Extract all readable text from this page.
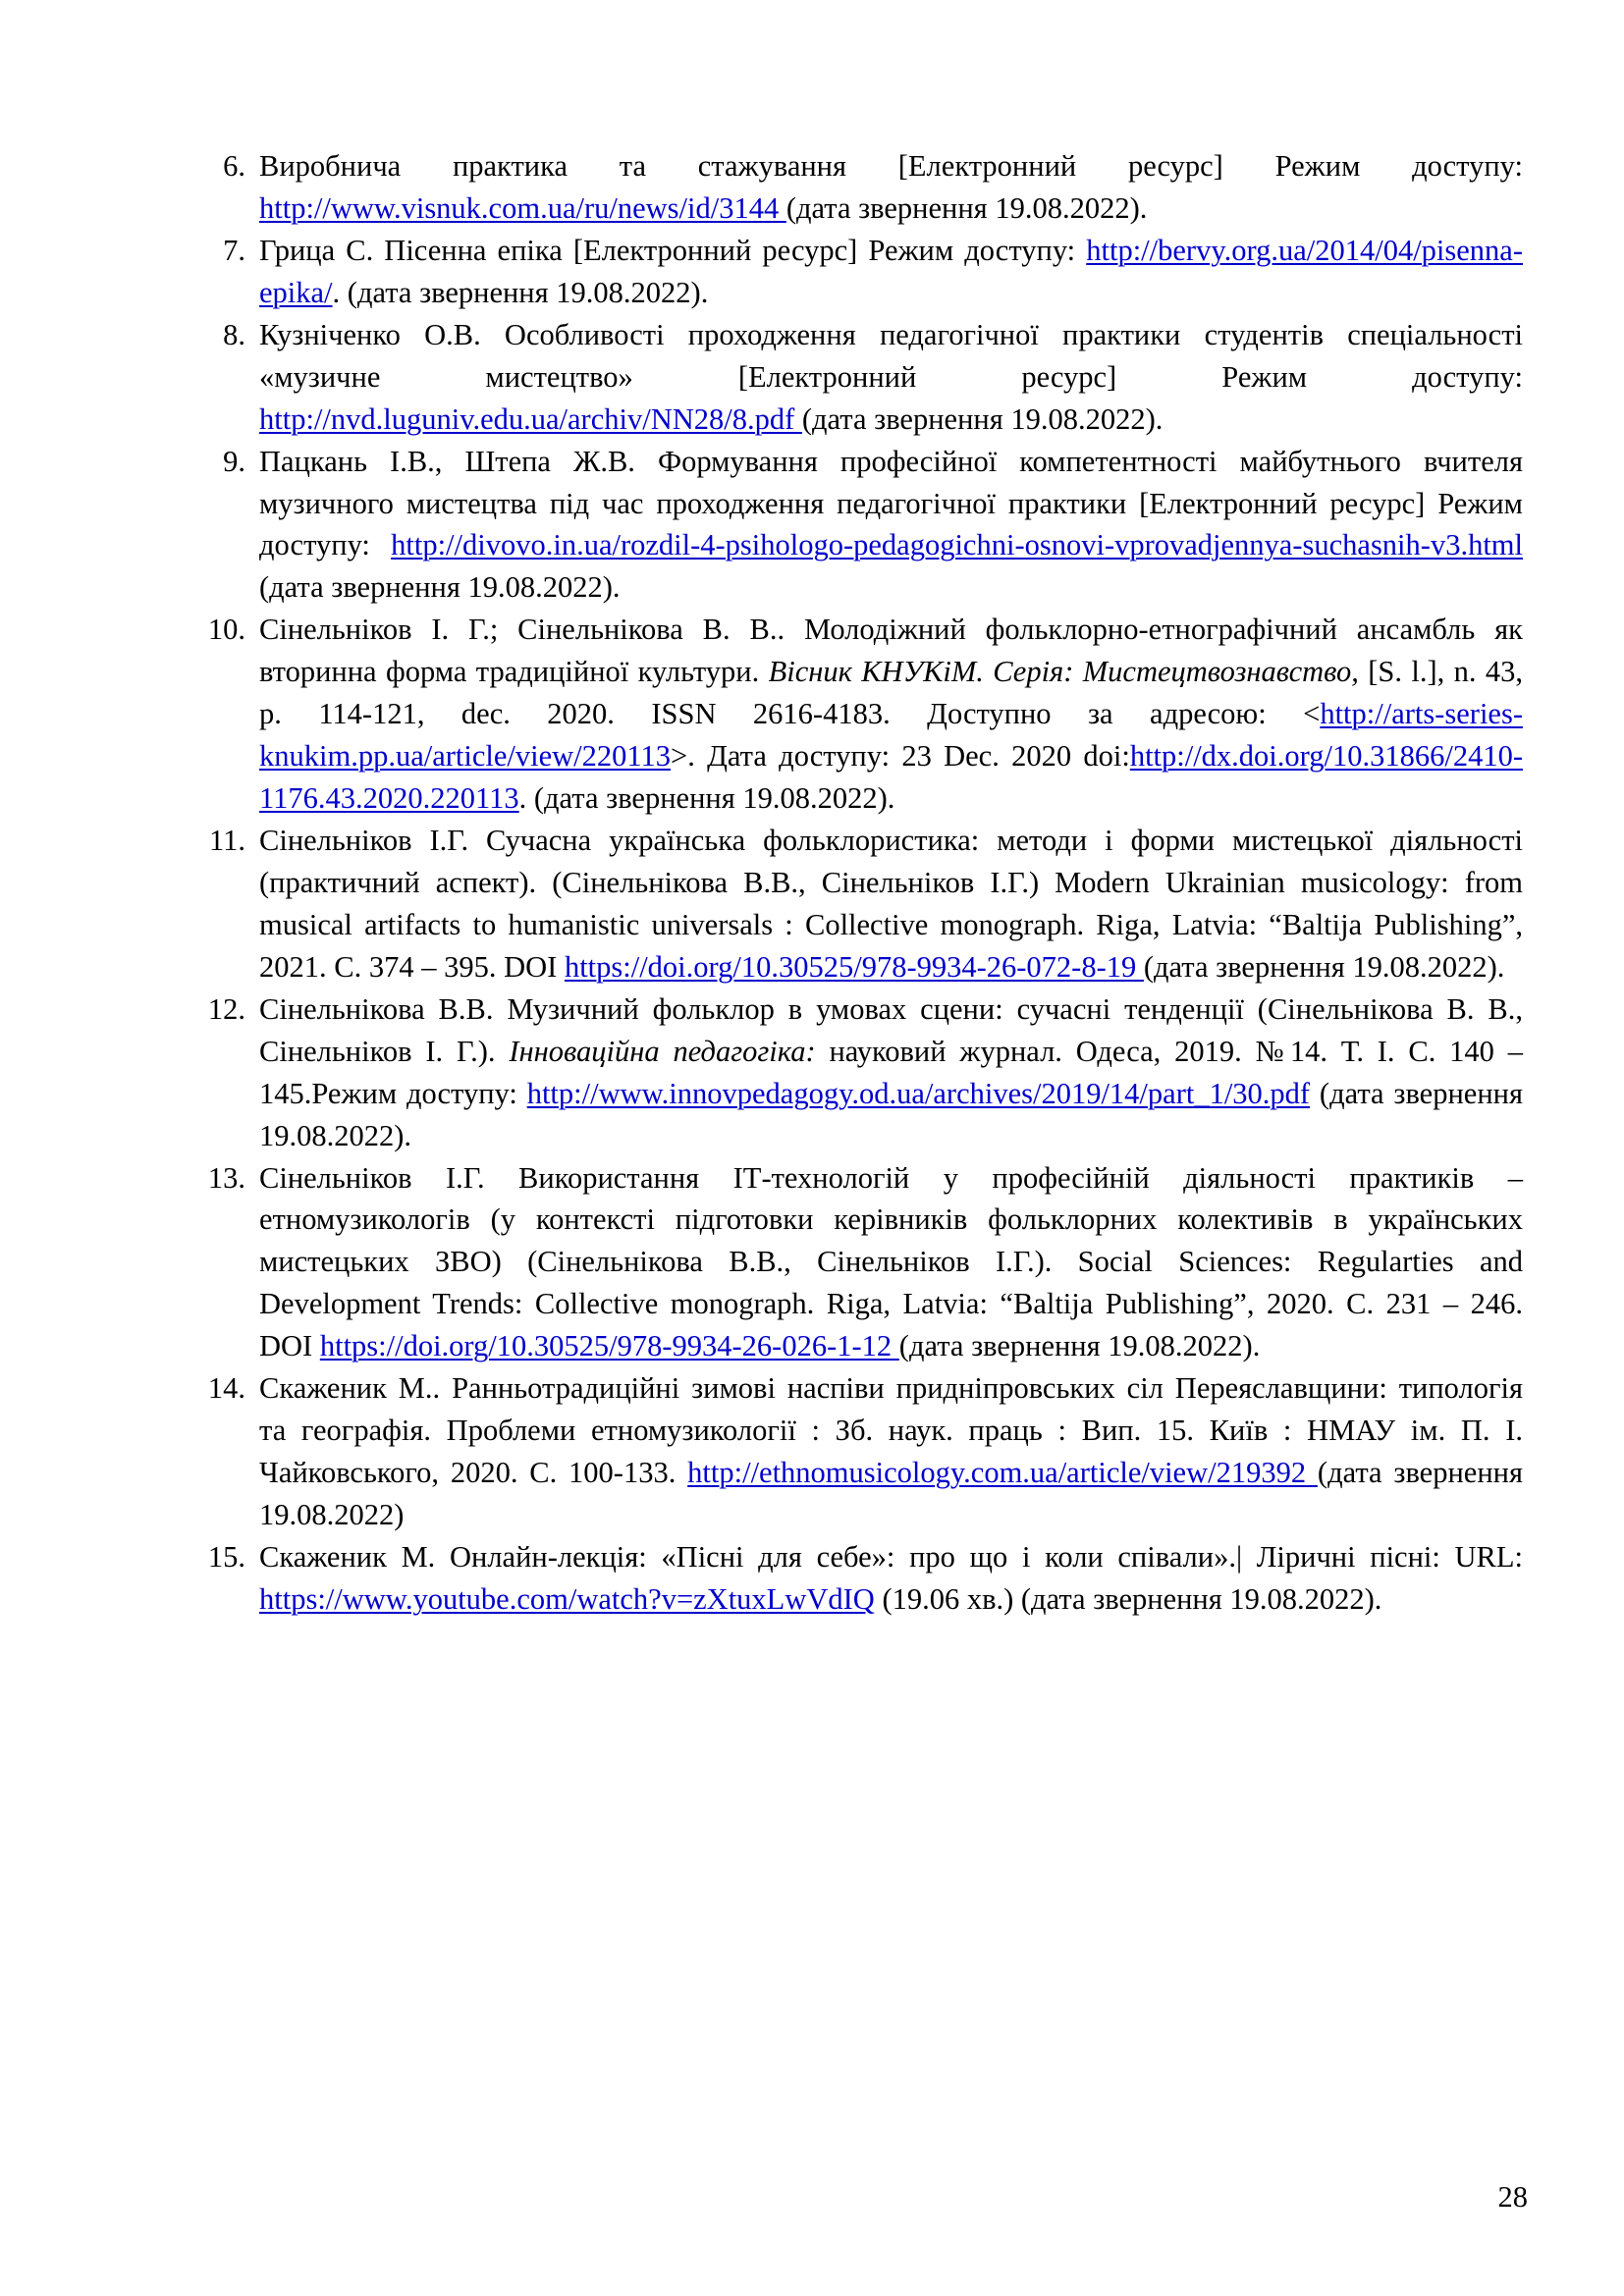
6. Виробнича практика та стажування [Електронний ресурс] Режим доступу: http://www.visnuk.com.ua/ru/news/id/3144 (дата звернення 19.08.2022).
7. Грица С. Пісенна епіка [Електронний ресурс] Режим доступу: http://bervy.org.ua/2014/04/pisenna-epika/. (дата звернення 19.08.2022).
8. Кузніченко О.В. Особливості проходження педагогічної практики студентів спеціальності «музичне мистецтво» [Електронний ресурс] Режим доступу: http://nvd.luguniv.edu.ua/archiv/NN28/8.pdf (дата звернення 19.08.2022).
9. Пацкань І.В., Штепа Ж.В. Формування професійної компетентності майбутнього вчителя музичного мистецтва під час проходження педагогічної практики [Електронний ресурс] Режим доступу: http://divovo.in.ua/rozdil-4-psihologo-pedagogichni-osnovi-vprovadjennya-suchasnih-v3.html (дата звернення 19.08.2022).
10. Сінельніков І. Г.; Сінельнікова В. В.. Молодіжний фольклорно-етнографічний ансамбль як вторинна форма традиційної культури. Вісник КНУКіМ. Серія: Мистецтвознавство, [S. l.], n. 43, p. 114-121, dec. 2020. ISSN 2616-4183. Доступно за адресою: <http://arts-series-knukim.pp.ua/article/view/220113>. Дата доступу: 23 Dec. 2020 doi:http://dx.doi.org/10.31866/2410-1176.43.2020.220113. (дата звернення 19.08.2022).
11. Сінельніков І.Г. Сучасна українська фольклористика: методи і форми мистецької діяльності (практичний аспект). (Сінельнікова В.В., Сінельніков І.Г.) Modern Ukrainian musicology: from musical artifacts to humanistic universals : Collective monograph. Riga, Latvia: “Baltija Publishing”, 2021. С. 374 – 395. DOI https://doi.org/10.30525/978-9934-26-072-8-19 (дата звернення 19.08.2022).
12. Сінельнікова В.В. Музичний фольклор в умовах сцени: сучасні тенденції (Сінельнікова В. В., Сінельніков І. Г.). Інноваційна педагогіка: науковий журнал. Одеса, 2019. №14. Т. І. С. 140 – 145.Режим доступу: http://www.innovpedagogy.od.ua/archives/2019/14/part_1/30.pdf (дата звернення 19.08.2022).
13. Сінельніков І.Г. Використання ІТ-технологій у професійній діяльності практиків – етномузикологів (у контексті підготовки керівників фольклорних колективів в українських мистецьких ЗВО) (Сінельнікова В.В., Сінельніков І.Г.). Social Sciences: Regularties and Development Trends: Collective monograph. Riga, Latvia: “Baltija Publishing”, 2020. С. 231 – 246. DOI https://doi.org/10.30525/978-9934-26-026-1-12 (дата звернення 19.08.2022).
14. Скаженик М.. Ранньотрадиційні зимові наспіви придніпровських сіл Переяславщини: типологія та географія. Проблеми етномузикології : Зб. наук. праць : Вип. 15. Київ : НМАУ ім. П. І. Чайковського, 2020. С. 100-133. http://ethnomusicology.com.ua/article/view/219392 (дата звернення 19.08.2022)
15. Скаженик М. Онлайн-лекція: «Пісні для себе»: про що і коли співали».| Ліричні пісні: URL: https://www.youtube.com/watch?v=zXtuxLwVdIQ (19.06 хв.) (дата звернення 19.08.2022).
28
